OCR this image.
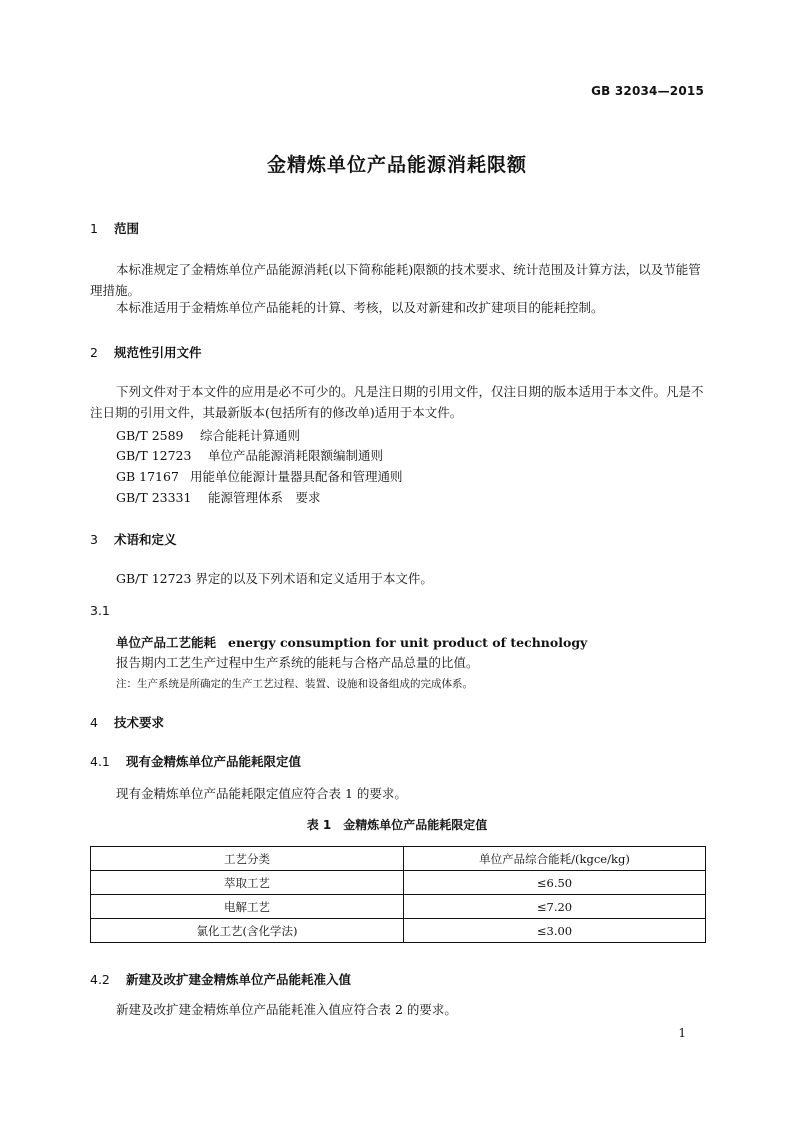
GB 32034—2015
金精炼单位产品能源消耗限额
1 范围
本标准规定了金精炼单位产品能源消耗(以下简称能耗)限额的技术要求、统计范围及计算方法，以及节能管理措施。
本标准适用于金精炼单位产品能耗的计算、考核，以及对新建和改扩建项目的能耗控制。
2 规范性引用文件
下列文件对于本文件的应用是必不可少的。凡是注日期的引用文件，仅注日期的版本适用于本文件。凡是不注日期的引用文件，其最新版本(包括所有的修改单)适用于本文件。
GB/T 2589 综合能耗计算通则
GB/T 12723 单位产品能源消耗限额编制通则
GB 17167 用能单位能源计量器具配备和管理通则
GB/T 23331 能源管理体系　要求
3 术语和定义
GB/T 12723 界定的以及下列术语和定义适用于本文件。
3.1
单位产品工艺能耗 energy consumption for unit product of technology
报告期内工艺生产过程中生产系统的能耗与合格产品总量的比值。
注：生产系统是所确定的生产工艺过程、装置、设施和设备组成的完成体系。
4 技术要求
4.1 现有金精炼单位产品能耗限定值
现有金精炼单位产品能耗限定值应符合表 1 的要求。
表 1　金精炼单位产品能耗限定值
工艺分类	单位产品综合能耗/(kgce/kg)
萃取工艺	≤6.50
电解工艺	≤7.20
氯化工艺(含化学法)	≤3.00
4.2 新建及改扩建金精炼单位产品能耗准入值
新建及改扩建金精炼单位产品能耗准入值应符合表 2 的要求。
1
